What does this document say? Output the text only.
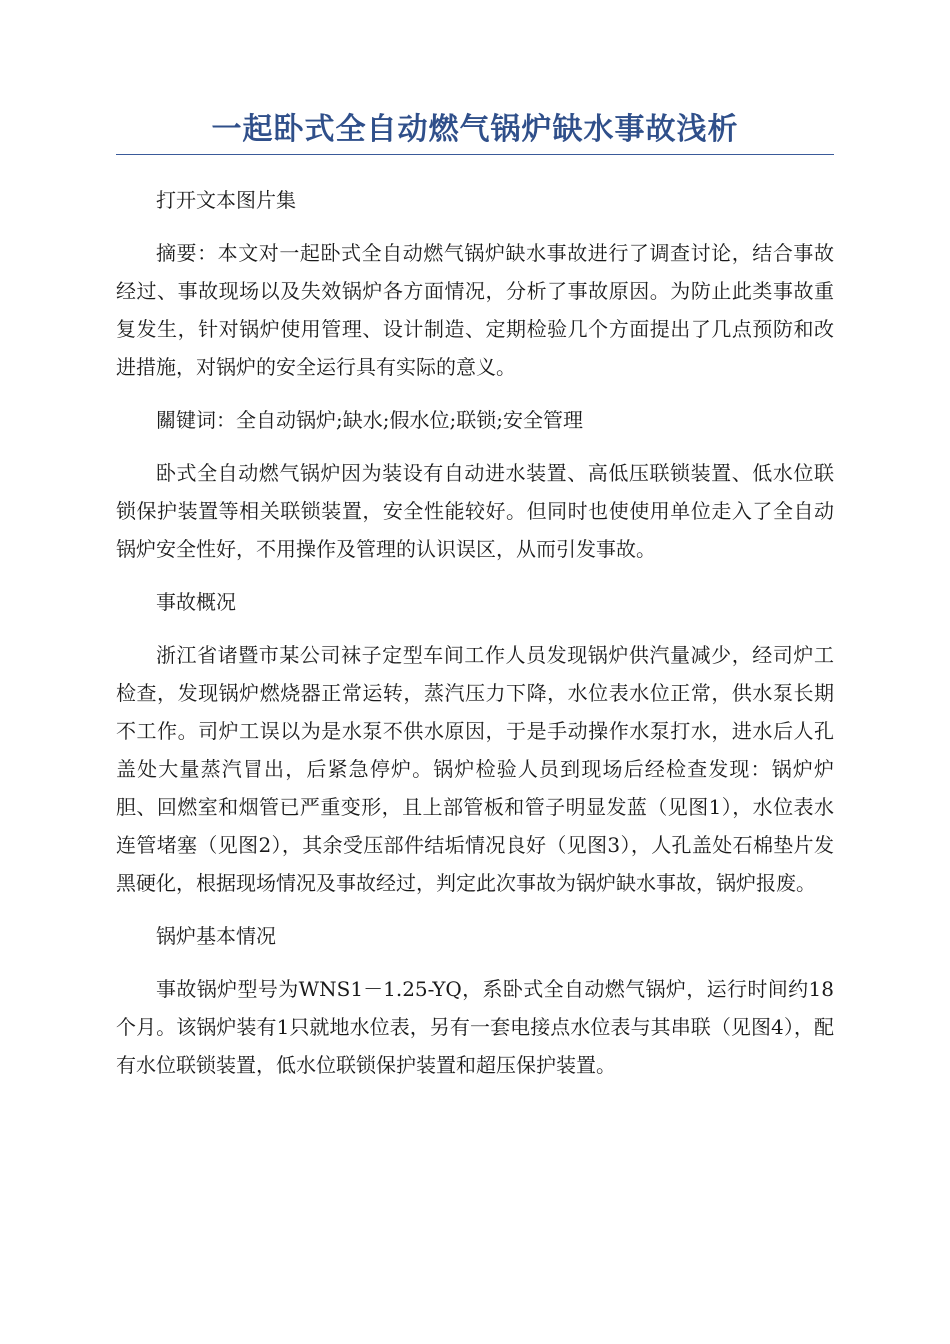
一起卧式全自动燃气锅炉缺水事故浅析

打开文本图片集

摘要：本文对一起卧式全自动燃气锅炉缺水事故进行了调查讨论，结合事故经过、事故现场以及失效锅炉各方面情况，分析了事故原因。为防止此类事故重复发生，针对锅炉使用管理、设计制造、定期检验几个方面提出了几点预防和改进措施，对锅炉的安全运行具有实际的意义。

關键词：全自动锅炉;缺水;假水位;联锁;安全管理

卧式全自动燃气锅炉因为装设有自动进水装置、高低压联锁装置、低水位联锁保护装置等相关联锁装置，安全性能较好。但同时也使使用单位走入了全自动锅炉安全性好，不用操作及管理的认识误区，从而引发事故。

事故概况

浙江省诸暨市某公司袜子定型车间工作人员发现锅炉供汽量减少，经司炉工检查，发现锅炉燃烧器正常运转，蒸汽压力下降，水位表水位正常，供水泵长期不工作。司炉工误以为是水泵不供水原因，于是手动操作水泵打水，进水后人孔盖处大量蒸汽冒出，后紧急停炉。锅炉检验人员到现场后经检查发现：锅炉炉胆、回燃室和烟管已严重变形，且上部管板和管子明显发蓝（见图1），水位表水连管堵塞（见图2），其余受压部件结垢情况良好（见图3），人孔盖处石棉垫片发黑硬化，根据现场情况及事故经过，判定此次事故为锅炉缺水事故，锅炉报废。

锅炉基本情况

事故锅炉型号为WNS1－1.25-YQ，系卧式全自动燃气锅炉，运行时间约18个月。该锅炉装有1只就地水位表，另有一套电接点水位表与其串联（见图4），配有水位联锁装置，低水位联锁保护装置和超压保护装置。
